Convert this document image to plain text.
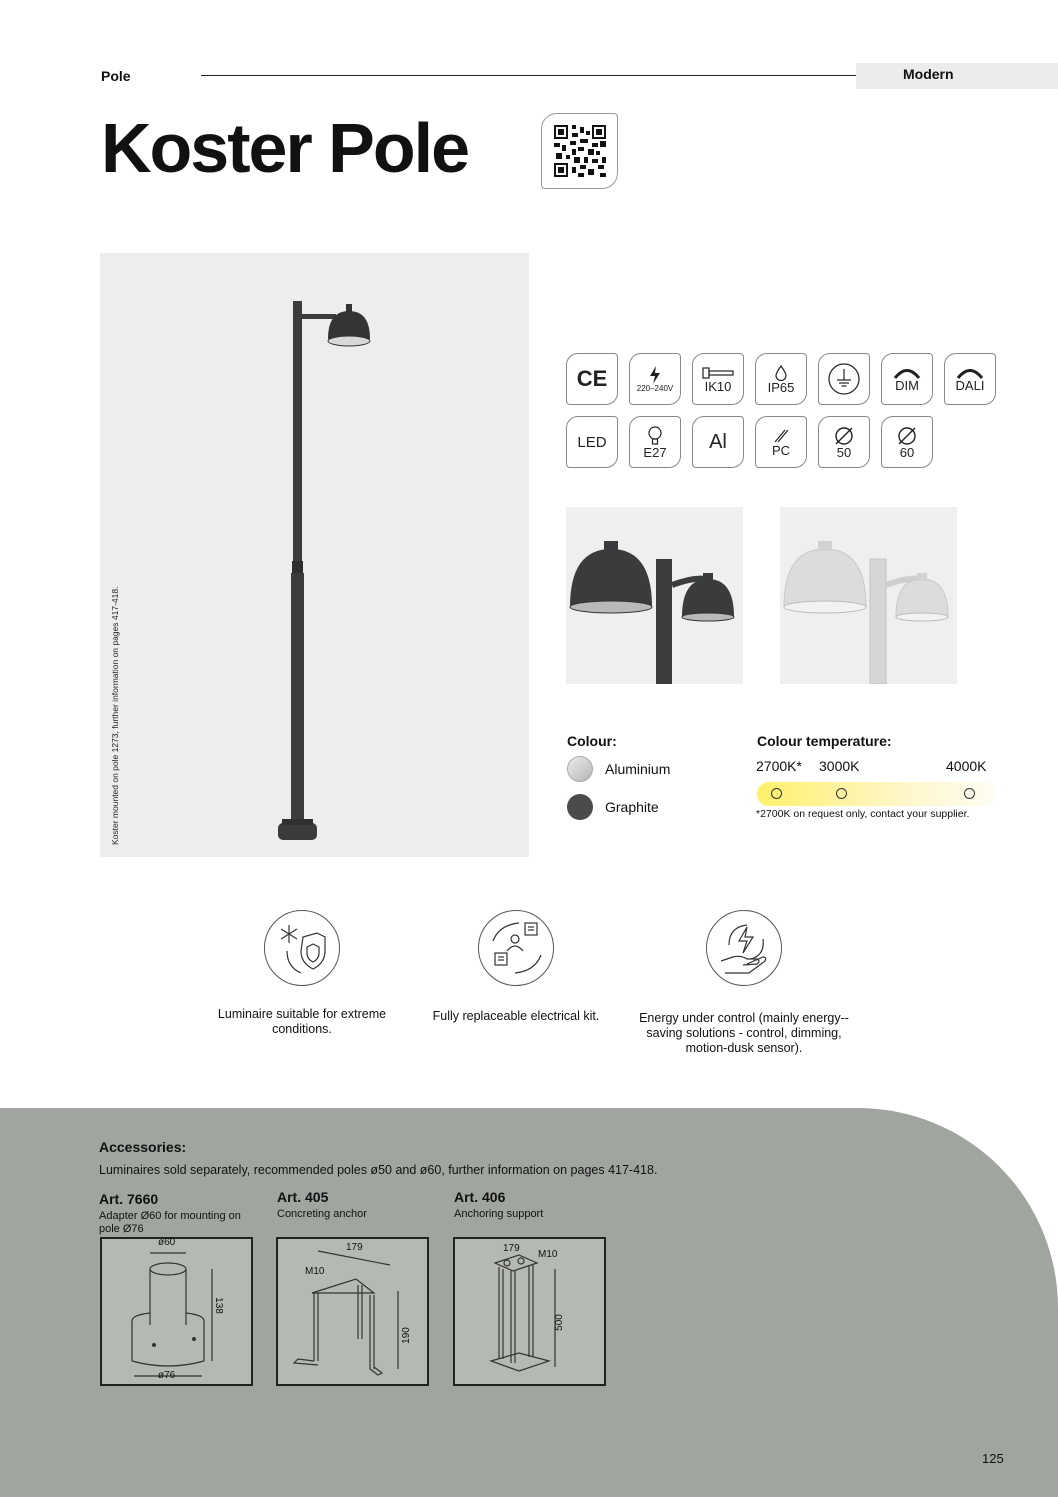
Pole	Modern
Koster Pole
Koster mounted on pole 1273, further information on pages 417-418.
CE	220–240V IK10	IP65	DIM	DALI
LED
E27 Al	PC	50	60
Colour:
Aluminium
Graphite
Colour temperature:
2700K* 3000K	4000K
*2700K on request only, contact your supplier.
Luminaire suitable for extreme conditions.
Fully replaceable electrical kit.	Energy under control (mainly energy--saving solutions - control, dimming, motion-dusk sensor).
Accessories:
Luminaires sold separately, recommended poles ø50 and ø60, further information on pages 417-418.
Art. 7660
Adapter Ø60 for mounting on pole Ø76
ø60
138
ø76
Art. 405
Concreting anchor
179
M10
190
Art. 406
Anchoring support
179
M10
500
125
